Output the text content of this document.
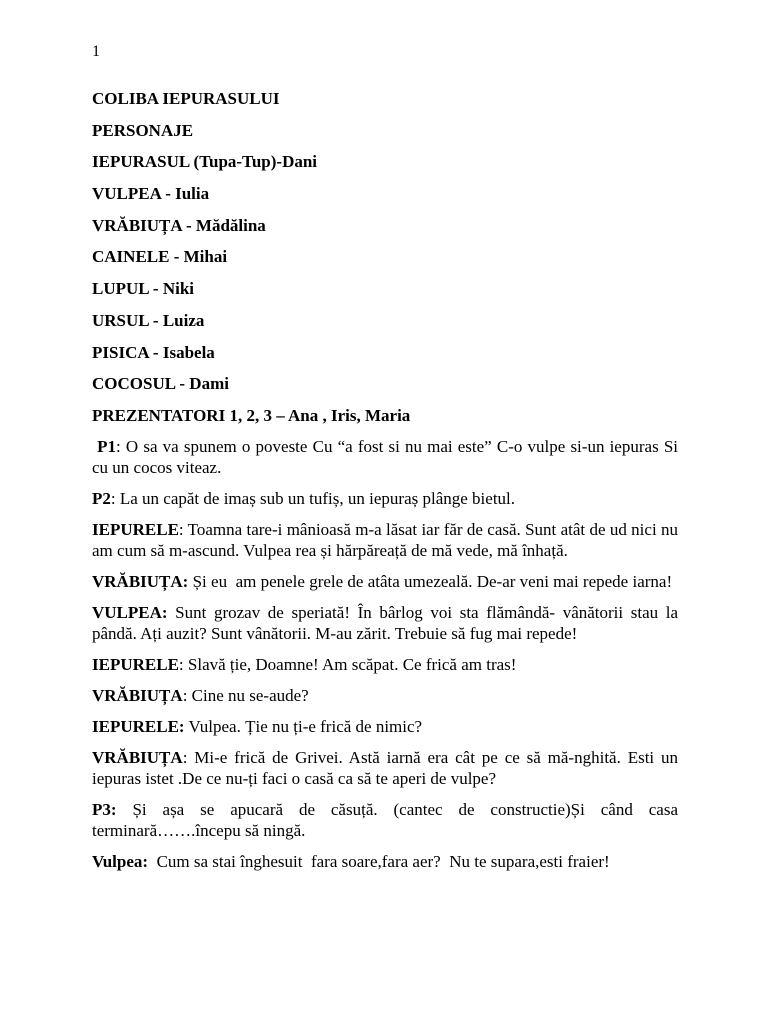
1
COLIBA IEPURASULUI
PERSONAJE
IEPURASUL (Tupa-Tup)-Dani
VULPEA - Iulia
VRĂBIUȚA - Mădălina
CAINELE - Mihai
LUPUL - Niki
URSUL - Luiza
PISICA - Isabela
COCOSUL - Dami
PREZENTATORI 1, 2, 3 – Ana , Iris, Maria

P1: O sa va spunem o poveste Cu “a fost si nu mai este” C-o vulpe si-un iepuras Si cu un cocos viteaz.

P2: La un capăt de imaș sub un tufiș, un iepuraș plânge bietul.

IEPURELE: Toamna tare-i mânioasă m-a lăsat iar făr de casă. Sunt atât de ud nici nu am cum să m-ascund. Vulpea rea și hărpăreață de mă vede, mă înhață.

VRĂBIUȚA: Și eu  am penele grele de atâta umezeală. De-ar veni mai repede iarna!

VULPEA: Sunt grozav de speriată! În bârlog voi sta flămândă- vânătorii stau la pândă. Ați auzit? Sunt vânătorii. M-au zărit. Trebuie să fug mai repede!

IEPURELE: Slavă ție, Doamne! Am scăpat. Ce frică am tras!

VRĂBIUȚA: Cine nu se-aude?

IEPURELE: Vulpea. Ție nu ți-e frică de nimic?

VRĂBIUȚA: Mi-e frică de Grivei. Astă iarnă era cât pe ce să mă-nghită. Esti un iepuras istet .De ce nu-ți faci o casă ca să te aperi de vulpe?

P3: Și așa se apucară de căsuță. (cantec de constructie)Și când casa terminară…….începu să ningă.

Vulpea:  Cum sa stai înghesuit  fara soare,fara aer?  Nu te supara,esti fraier!
